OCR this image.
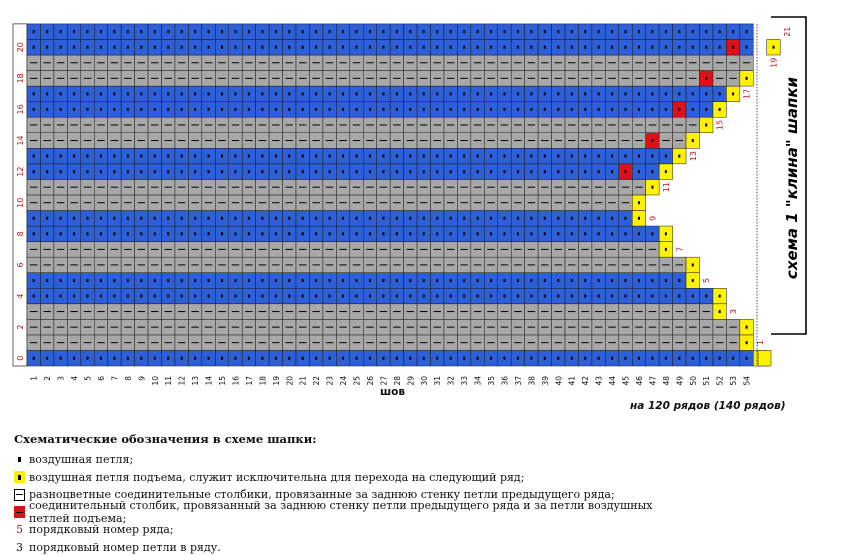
0
2
4
6
8
10
12
14
16
18
20
1
3
5
7
9
11
13
15
17
19
21
1 2 3 4 5 6 7 8 9 10 11 12 13 14 15 16 17 18 19 20 21 22 23 24 25 26 27 28 29 30 31 32 33 34 35 36 37 38 39 40 41 42 43 44 45 46 47 48 49 50 51 52 53 54
схема 1 "клина" шапки
шов
на 120 рядов (140 рядов)
Схематические обозначения в схеме шапки:
воздушная петля;
воздушная петля подъема, служит исключительна для перехода на следующий ряд;
разноцветные соединительные столбики, провязанные за заднюю стенку петли предыдущего ряда;
соединительный столбик, провязанный за заднюю стенку петли предыдущего ряда и за петли воздушных петлей подъема;
5 порядковый номер ряда;
3 порядковый номер петли в ряду.
